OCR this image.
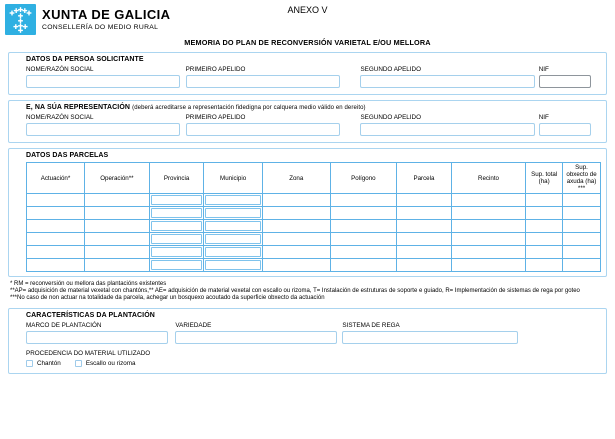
XUNTA DE GALICIA
CONSELLERÍA DO MEDIO RURAL
ANEXO V
MEMORIA DO PLAN DE RECONVERSIÓN VARIETAL E/OU MELLORA
DATOS DA PERSOA SOLICITANTE
NOME/RAZÓN SOCIAL	PRIMEIRO APELIDO	SEGUNDO APELIDO	NIF
E, NA SÚA REPRESENTACIÓN (deberá acreditarse a representación fidedigna por calquera medio válido en dereito)
NOME/RAZÓN SOCIAL	PRIMEIRO APELIDO	SEGUNDO APELIDO	NIF
DATOS DAS PARCELAS
Actuación*	Operación**	Provincia	Municipio	Zona	Polígono	Parcela	Recinto	Sup. total (ha)	Sup. obxecto de axuda (ha) ***

* RM = reconversión ou mellora das plantacións existentes
**AP= adquisición de material vexetal con chantóns,** AE= adquisición de material vexetal con escallo ou rizoma, T= Instalación de estruturas de soporte e guiado, R= Implementación de sistemas de rega por goteo
***No caso de non actuar na totalidade da parcela, achegar un bosquexo acoutado da superficie obxecto da actuación
CARACTERÍSTICAS DA PLANTACIÓN
MARCO DE PLANTACIÓN	VARIEDADE	SISTEMA DE REGA
PROCEDENCIA DO MATERIAL UTILIZADO
Chantón	Escallo ou rizoma
